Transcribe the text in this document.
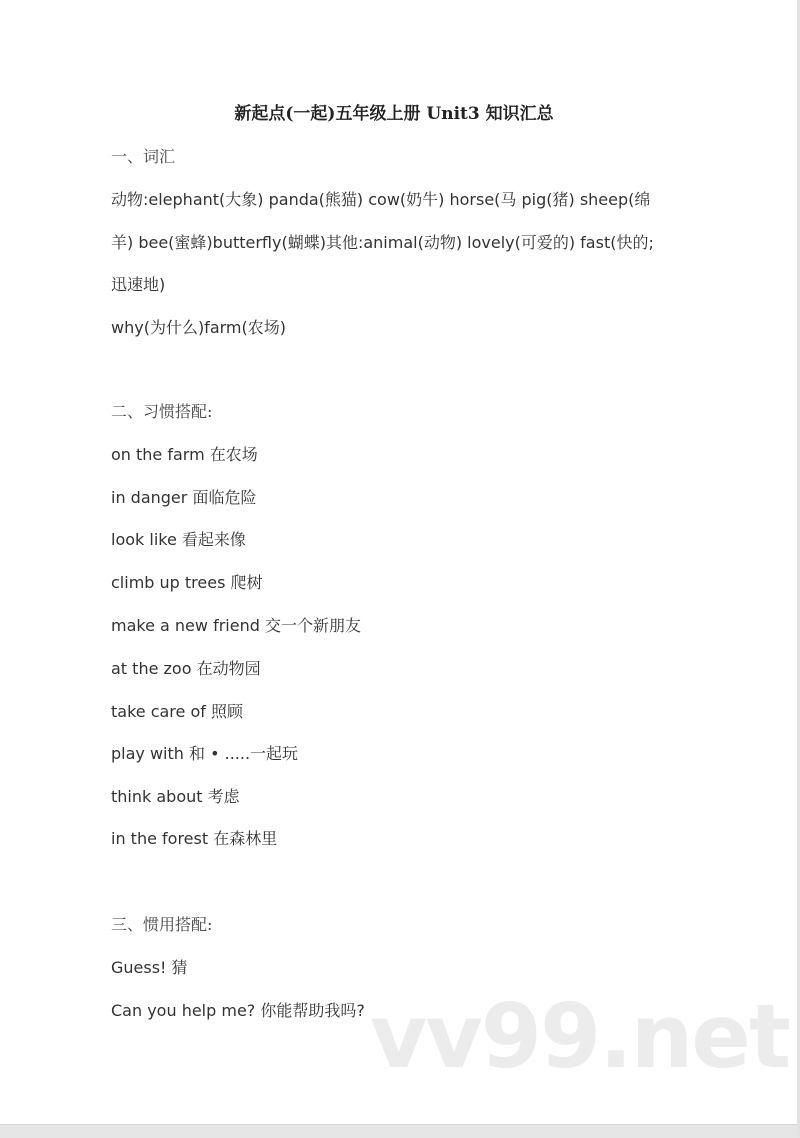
vv99.net
新起点(一起)五年级上册 Unit3 知识汇总
一、词汇
动物:elephant(大象) panda(熊猫) cow(奶牛) horse(马 pig(猪) sheep(绵
羊) bee(蜜蜂)butterfly(蝴蝶)其他:animal(动物) lovely(可爱的) fast(快的;
迅速地)
why(为什么)farm(农场)
二、习惯搭配:
on the farm 在农场
in danger 面临危险
look like 看起来像
climb up trees 爬树
make a new friend 交一个新朋友
at the zoo 在动物园
take care of 照顾
play with 和 • .....一起玩
think about 考虑
in the forest 在森林里
三、惯用搭配:
Guess! 猜
Can you help me? 你能帮助我吗?
